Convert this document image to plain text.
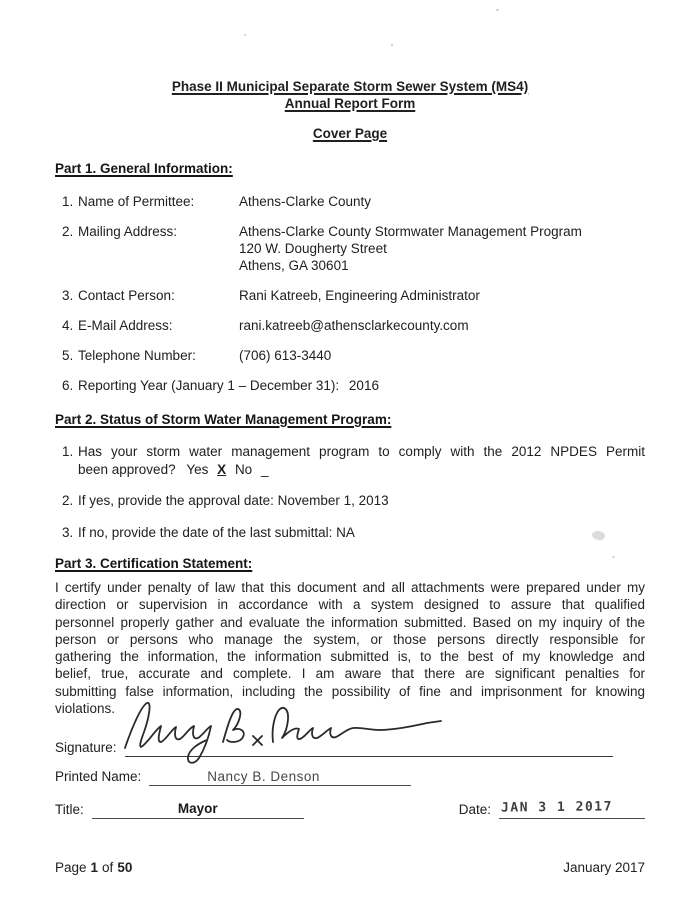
Phase II Municipal Separate Storm Sewer System (MS4)
Annual Report Form
Cover Page
Part 1. General Information:
1. Name of Permittee:	Athens-Clarke County
2. Mailing Address:	Athens-Clarke County Stormwater Management Program
120 W. Dougherty Street
Athens, GA 30601
3. Contact Person:	Rani Katreeb, Engineering Administrator
4. E-Mail Address:	rani.katreeb@athensclarkecounty.com
5. Telephone Number:	(706) 613-3440
6. Reporting Year (January 1 – December 31): 2016
Part 2. Status of Storm Water Management Program:
1. Has your storm water management program to comply with the 2012 NPDES Permit
been approved? Yes X No _
2. If yes, provide the approval date: November 1, 2013
3. If no, provide the date of the last submittal: NA
Part 3. Certification Statement:
I certify under penalty of law that this document and all attachments were prepared under my direction or supervision in accordance with a system designed to assure that qualified personnel properly gather and evaluate the information submitted. Based on my inquiry of the person or persons who manage the system, or those persons directly responsible for gathering the information, the information submitted is, to the best of my knowledge and belief, true, accurate and complete. I am aware that there are significant penalties for submitting false information, including the possibility of fine and imprisonment for knowing violations.
Signature:
Printed Name:	Nancy B. Denson
Title:	Mayor	Date: JAN 3 1 2017
Page 1 of 50	January 2017
